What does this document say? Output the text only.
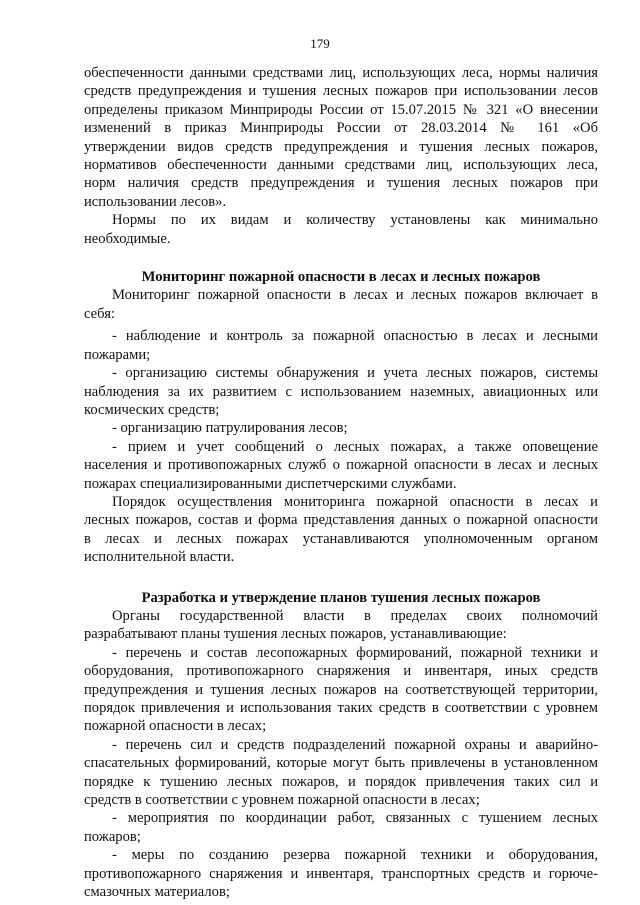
179

обеспеченности данными средствами лиц, использующих леса, нормы наличия
средств предупреждения и тушения лесных пожаров при использовании лесов
определены приказом Минприроды России от 15.07.2015 № 321 «О внесении
изменений в приказ Минприроды России от 28.03.2014 № 161 «Об
утверждении видов средств предупреждения и тушения лесных пожаров,
нормативов обеспеченности данными средствами лиц, использующих леса,
норм наличия средств предупреждения и тушения лесных пожаров при
использовании лесов».

Нормы по их видам и количеству установлены как минимально
необходимые.

Мониторинг пожарной опасности в лесах и лесных пожаров

Мониторинг пожарной опасности в лесах и лесных пожаров включает в
себя:

- наблюдение и контроль за пожарной опасностью в лесах и лесными
пожарами;

- организацию системы обнаружения и учета лесных пожаров, системы
наблюдения за их развитием с использованием наземных, авиационных или
космических средств;

- организацию патрулирования лесов;

- прием и учет сообщений о лесных пожарах, а также оповещение
населения и противопожарных служб о пожарной опасности в лесах и лесных
пожарах специализированными диспетчерскими службами.

Порядок осуществления мониторинга пожарной опасности в лесах и
лесных пожаров, состав и форма представления данных о пожарной опасности
в лесах и лесных пожарах устанавливаются уполномоченным органом
исполнительной власти.

Разработка и утверждение планов тушения лесных пожаров

Органы государственной власти в пределах своих полномочий
разрабатывают планы тушения лесных пожаров, устанавливающие:

- перечень и состав лесопожарных формирований, пожарной техники и
оборудования, противопожарного снаряжения и инвентаря, иных средств
предупреждения и тушения лесных пожаров на соответствующей территории,
порядок привлечения и использования таких средств в соответствии с уровнем
пожарной опасности в лесах;

- перечень сил и средств подразделений пожарной охраны и аварийно-
спасательных формирований, которые могут быть привлечены в установленном
порядке к тушению лесных пожаров, и порядок привлечения таких сил и
средств в соответствии с уровнем пожарной опасности в лесах;

- мероприятия по координации работ, связанных с тушением лесных
пожаров;

- меры по созданию резерва пожарной техники и оборудования,
противопожарного снаряжения и инвентаря, транспортных средств и горюче-
смазочных материалов;
